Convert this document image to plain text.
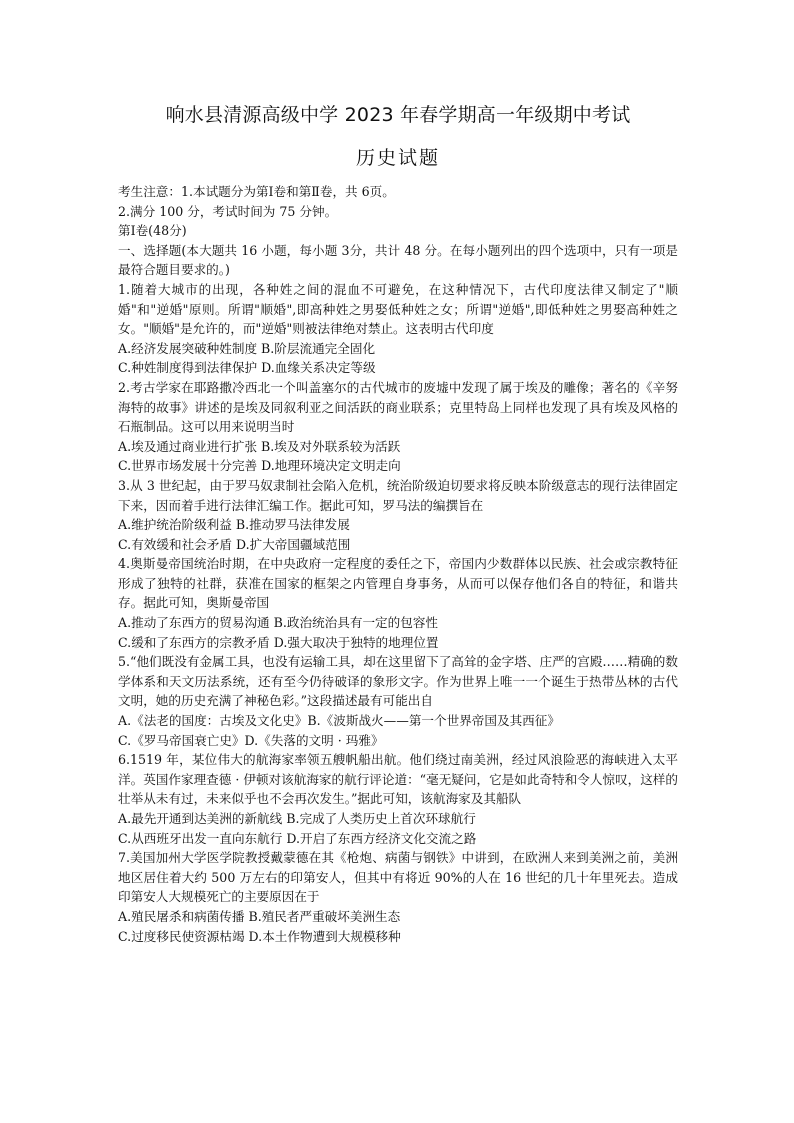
响水县清源高级中学 2023 年春学期高一年级期中考试
历史试题
考生注意：1.本试题分为第Ⅰ卷和第Ⅱ卷，共 6页。
2.满分 100 分，考试时间为 75 分钟。
第Ⅰ卷(48分)
一、选择题(本大题共 16 小题，每小题 3分，共计 48 分。在每小题列出的四个选项中，只有一项是最符合题目要求的。)
1.随着大城市的出现，各种姓之间的混血不可避免，在这种情况下，古代印度法律又制定了"顺婚"和"逆婚"原则。所谓"顺婚",即高种姓之男娶低种姓之女；所谓"逆婚",即低种姓之男娶高种姓之女。"顺婚"是允许的，而"逆婚"则被法律绝对禁止。这表明古代印度
A.经济发展突破种姓制度 B.阶层流通完全固化
C.种姓制度得到法律保护 D.血缘关系决定等级
2.考古学家在耶路撒冷西北一个叫盖塞尔的古代城市的废墟中发现了属于埃及的雕像；著名的《辛努海特的故事》讲述的是埃及同叙利亚之间活跃的商业联系；克里特岛上同样也发现了具有埃及风格的石瓶制品。这可以用来说明当时
A.埃及通过商业进行扩张 B.埃及对外联系较为活跃
C.世界市场发展十分完善 D.地理环境决定文明走向
3.从 3 世纪起，由于罗马奴隶制社会陷入危机，统治阶级迫切要求将反映本阶级意志的现行法律固定下来，因而着手进行法律汇编工作。据此可知，罗马法的编撰旨在
A.维护统治阶级利益 B.推动罗马法律发展
C.有效缓和社会矛盾 D.扩大帝国疆域范围
4.奥斯曼帝国统治时期，在中央政府一定程度的委任之下，帝国内少数群体以民族、社会或宗教特征形成了独特的社群，获准在国家的框架之内管理自身事务，从而可以保存他们各自的特征，和谐共存。据此可知，奥斯曼帝国
A.推动了东西方的贸易沟通 B.政治统治具有一定的包容性
C.缓和了东西方的宗教矛盾 D.强大取决于独特的地理位置
5.“他们既没有金属工具，也没有运输工具，却在这里留下了高耸的金字塔、庄严的宫殿……精确的数学体系和天文历法系统，还有至今仍待破译的象形文字。作为世界上唯一一个诞生于热带丛林的古代文明，她的历史充满了神秘色彩。”这段描述最有可能出自
A.《法老的国度：古埃及文化史》B.《波斯战火——第一个世界帝国及其西征》
C.《罗马帝国衰亡史》D.《失落的文明 · 玛雅》
6.1519 年，某位伟大的航海家率领五艘帆船出航。他们绕过南美洲，经过风浪险恶的海峡进入太平洋。英国作家理查德 · 伊顿对该航海家的航行评论道：“毫无疑问，它是如此奇特和令人惊叹，这样的壮举从未有过，未来似乎也不会再次发生。”据此可知，该航海家及其船队
A.最先开通到达美洲的新航线 B.完成了人类历史上首次环球航行
C.从西班牙出发一直向东航行 D.开启了东西方经济文化交流之路
7.美国加州大学医学院教授戴蒙德在其《枪炮、病菌与钢铁》中讲到，在欧洲人来到美洲之前，美洲地区居住着大约 500 万左右的印第安人，但其中有将近 90%的人在 16 世纪的几十年里死去。造成印第安人大规模死亡的主要原因在于
A.殖民屠杀和病菌传播 B.殖民者严重破坏美洲生态
C.过度移民使资源枯竭 D.本土作物遭到大规模移种
